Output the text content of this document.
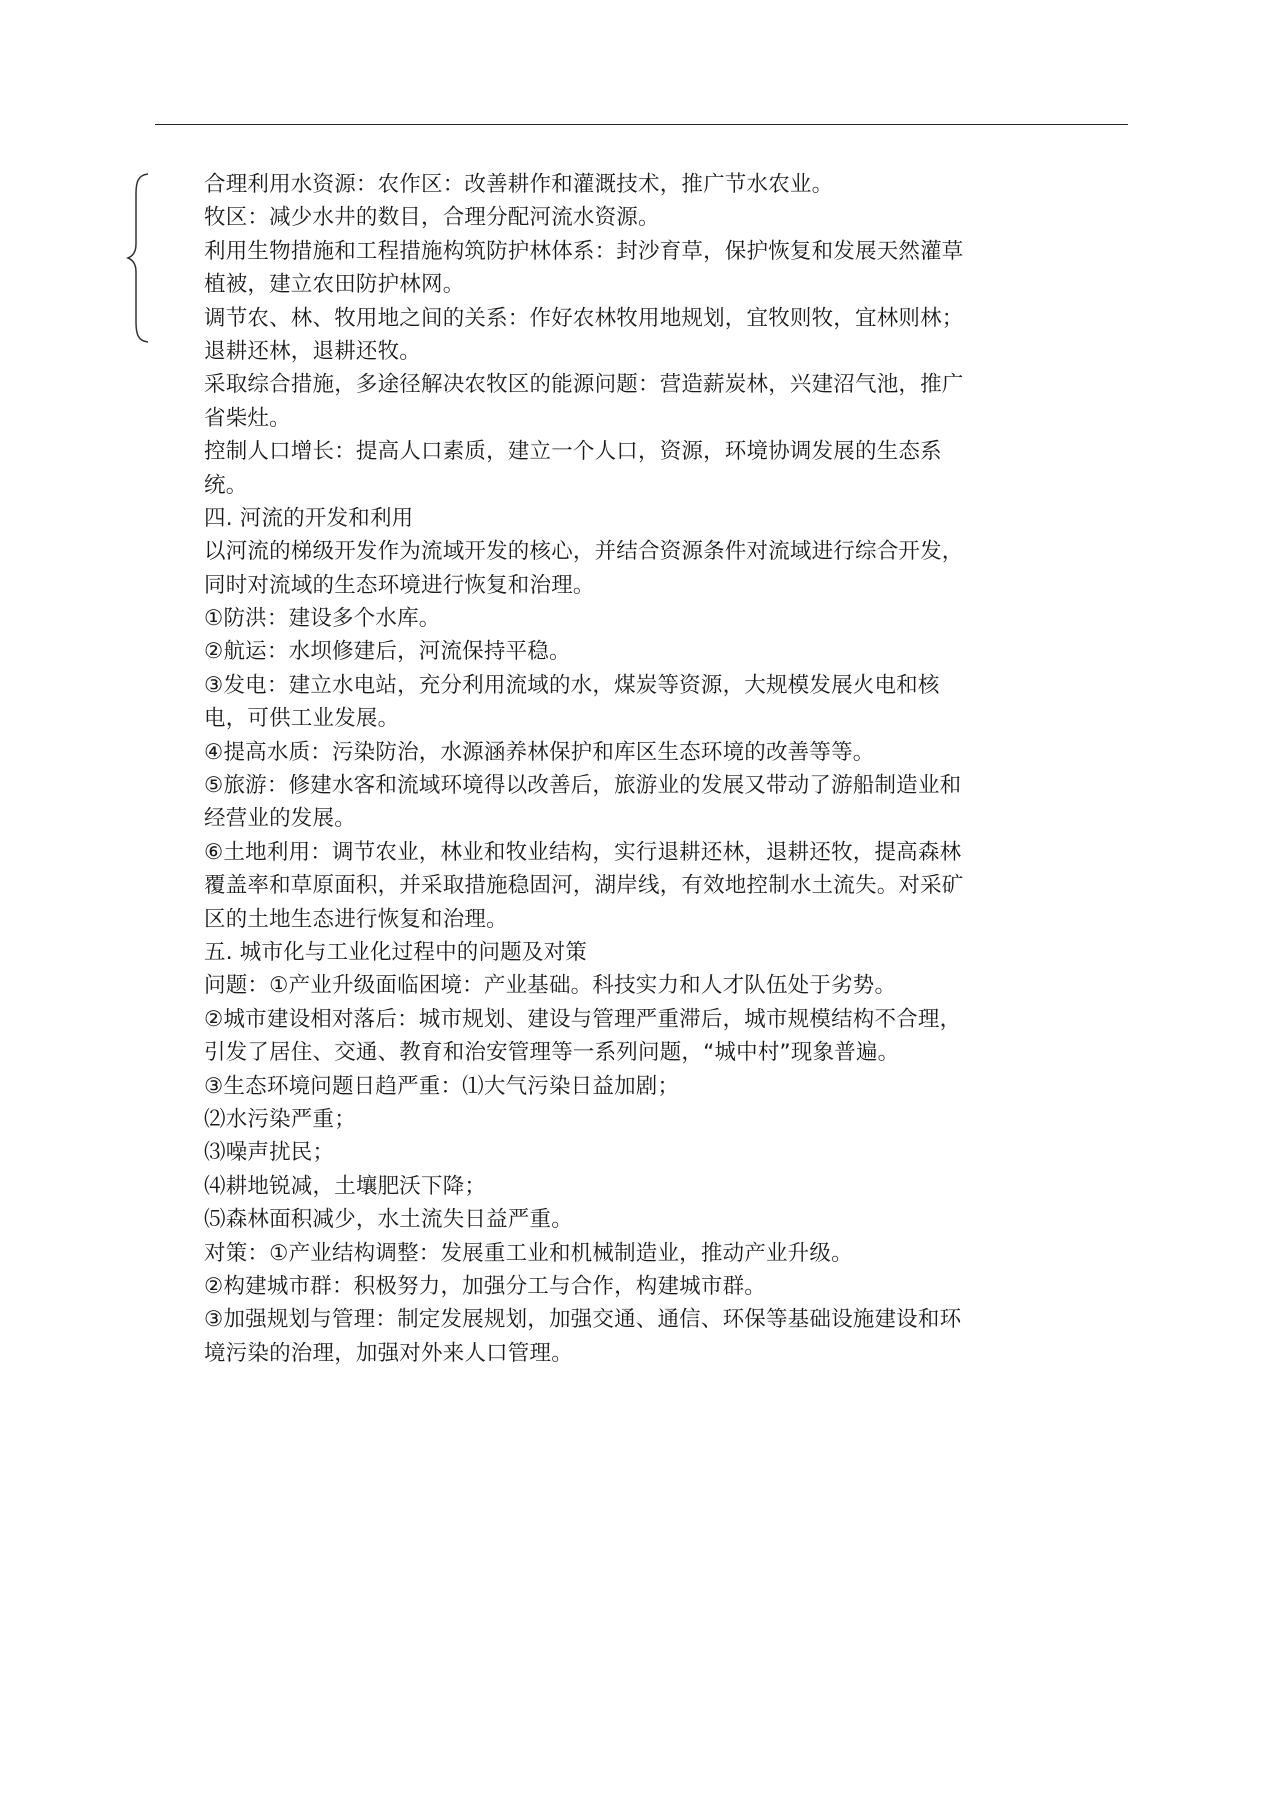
合理利用水资源：农作区：改善耕作和灌溉技术，推广节水农业。
牧区：减少水井的数目，合理分配河流水资源。
利用生物措施和工程措施构筑防护林体系：封沙育草，保护恢复和发展天然灌草
植被，建立农田防护林网。
调节农、林、牧用地之间的关系：作好农林牧用地规划，宜牧则牧，宜林则林；
退耕还林，退耕还牧。
采取综合措施，多途径解决农牧区的能源问题：营造薪炭林，兴建沼气池，推广
省柴灶。
控制人口增长：提高人口素质，建立一个人口，资源，环境协调发展的生态系
统。
四. 河流的开发和利用
以河流的梯级开发作为流域开发的核心，并结合资源条件对流域进行综合开发，
同时对流域的生态环境进行恢复和治理。
①防洪：建设多个水库。
②航运：水坝修建后，河流保持平稳。
③发电：建立水电站，充分利用流域的水，煤炭等资源，大规模发展火电和核
电，可供工业发展。
④提高水质：污染防治，水源涵养林保护和库区生态环境的改善等等。
⑤旅游：修建水客和流域环境得以改善后，旅游业的发展又带动了游船制造业和
经营业的发展。
⑥土地利用：调节农业，林业和牧业结构，实行退耕还林，退耕还牧，提高森林
覆盖率和草原面积，并采取措施稳固河，湖岸线，有效地控制水土流失。对采矿
区的土地生态进行恢复和治理。
五. 城市化与工业化过程中的问题及对策
问题：①产业升级面临困境：产业基础。科技实力和人才队伍处于劣势。
②城市建设相对落后：城市规划、建设与管理严重滞后，城市规模结构不合理，
引发了居住、交通、教育和治安管理等一系列问题，“城中村”现象普遍。
③生态环境问题日趋严重：⑴大气污染日益加剧；
⑵水污染严重；
⑶噪声扰民；
⑷耕地锐减，土壤肥沃下降；
⑸森林面积减少，水土流失日益严重。
对策：①产业结构调整：发展重工业和机械制造业，推动产业升级。
②构建城市群：积极努力，加强分工与合作，构建城市群。
③加强规划与管理：制定发展规划，加强交通、通信、环保等基础设施建设和环
境污染的治理，加强对外来人口管理。
